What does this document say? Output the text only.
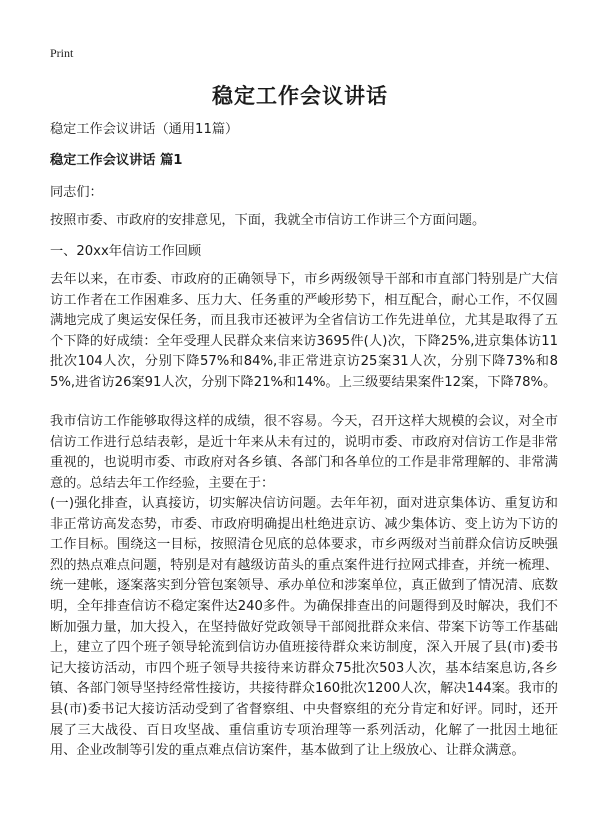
Print
稳定工作会议讲话
稳定工作会议讲话（通用11篇）
稳定工作会议讲话 篇1
同志们：
按照市委、市政府的安排意见，下面，我就全市信访工作讲三个方面问题。
一、20xx年信访工作回顾
去年以来，在市委、市政府的正确领导下，市乡两级领导干部和市直部门特别是广大信访工作者在工作困难多、压力大、任务重的严峻形势下，相互配合，耐心工作，不仅圆满地完成了奥运安保任务，而且我市还被评为全省信访工作先进单位，尤其是取得了五个下降的好成绩：全年受理人民群众来信来访3695件(人)次，下降25%,进京集体访11批次104人次，分别下降57%和84%,非正常进京访25案31人次，分别下降73%和85%,进省访26案91人次，分别下降21%和14%。上三级要结果案件12案，下降78%。
我市信访工作能够取得这样的成绩，很不容易。今天，召开这样大规模的会议，对全市信访工作进行总结表彰，是近十年来从未有过的，说明市委、市政府对信访工作是非常重视的，也说明市委、市政府对各乡镇、各部门和各单位的工作是非常理解的、非常满意的。总结去年工作经验，主要在于：
(一)强化排查，认真接访，切实解决信访问题。去年年初，面对进京集体访、重复访和非正常访高发态势，市委、市政府明确提出杜绝进京访、减少集体访、变上访为下访的工作目标。围绕这一目标，按照清仓见底的总体要求，市乡两级对当前群众信访反映强烈的热点难点问题，特别是对有越级访苗头的重点案件进行拉网式排查，并统一梳理、统一建帐，逐案落实到分管包案领导、承办单位和涉案单位，真正做到了情况清、底数明，全年排查信访不稳定案件达240多件。为确保排查出的问题得到及时解决，我们不断加强力量，加大投入，在坚持做好党政领导干部阅批群众来信、带案下访等工作基础上，建立了四个班子领导轮流到信访办值班接待群众来访制度，深入开展了县(市)委书记大接访活动，市四个班子领导共接待来访群众75批次503人次，基本结案息访,各乡镇、各部门领导坚持经常性接访，共接待群众160批次1200人次，解决144案。我市的县(市)委书记大接访活动受到了省督察组、中央督察组的充分肯定和好评。同时，还开展了三大战役、百日攻坚战、重信重访专项治理等一系列活动，化解了一批因土地征用、企业改制等引发的重点难点信访案件，基本做到了让上级放心、让群众满意。
